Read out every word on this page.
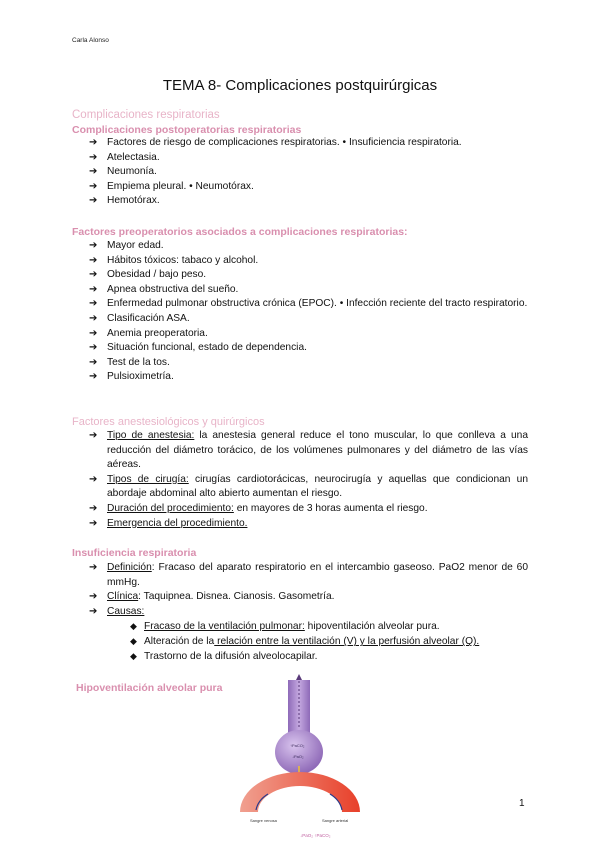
Carla Alonso
TEMA 8- Complicaciones postquirúrgicas
Complicaciones respiratorias
Complicaciones postoperatorias respiratorias
➔ Factores de riesgo de complicaciones respiratorias. • Insuficiencia respiratoria.
➔ Atelectasia.
➔ Neumonía.
➔ Empiema pleural. • Neumotórax.
➔ Hemotórax.
Factores preoperatorios asociados a complicaciones respiratorias:
➔ Mayor edad.
➔ Hábitos tóxicos: tabaco y alcohol.
➔ Obesidad / bajo peso.
➔ Apnea obstructiva del sueño.
➔ Enfermedad pulmonar obstructiva crónica (EPOC). • Infección reciente del tracto respiratorio.
➔ Clasificación ASA.
➔ Anemia preoperatoria.
➔ Situación funcional, estado de dependencia.
➔ Test de la tos.
➔ Pulsioximetría.
Factores anestesiológicos y quirúrgicos
➔ Tipo de anestesia: la anestesia general reduce el tono muscular, lo que conlleva a una reducción del diámetro torácico, de los volúmenes pulmonares y del diámetro de las vías aéreas.
➔ Tipos de cirugía: cirugías cardiotorácicas, neurocirugía y aquellas que condicionan un abordaje abdominal alto abierto aumentan el riesgo.
➔ Duración del procedimiento: en mayores de 3 horas aumenta el riesgo.
➔ Emergencia del procedimiento.
Insuficiencia respiratoria
➔ Definición: Fracaso del aparato respiratorio en el intercambio gaseoso. PaO2 menor de 60 mmHg.
➔ Clínica: Taquipnea. Disnea. Cianosis. Gasometría.
➔ Causas:
◆ Fracaso de la ventilación pulmonar: hipoventilación alveolar pura.
◆ Alteración de la relación entre la ventilación (V) y la perfusión alveolar (Q).
◆ Trastorno de la difusión alveolocapilar.
Hipoventilación alveolar pura
↑PaCO₂
↓PaO₂
Sangre venosa	Sangre arterial
↓PaO₂ ↑PaCO₂
1
